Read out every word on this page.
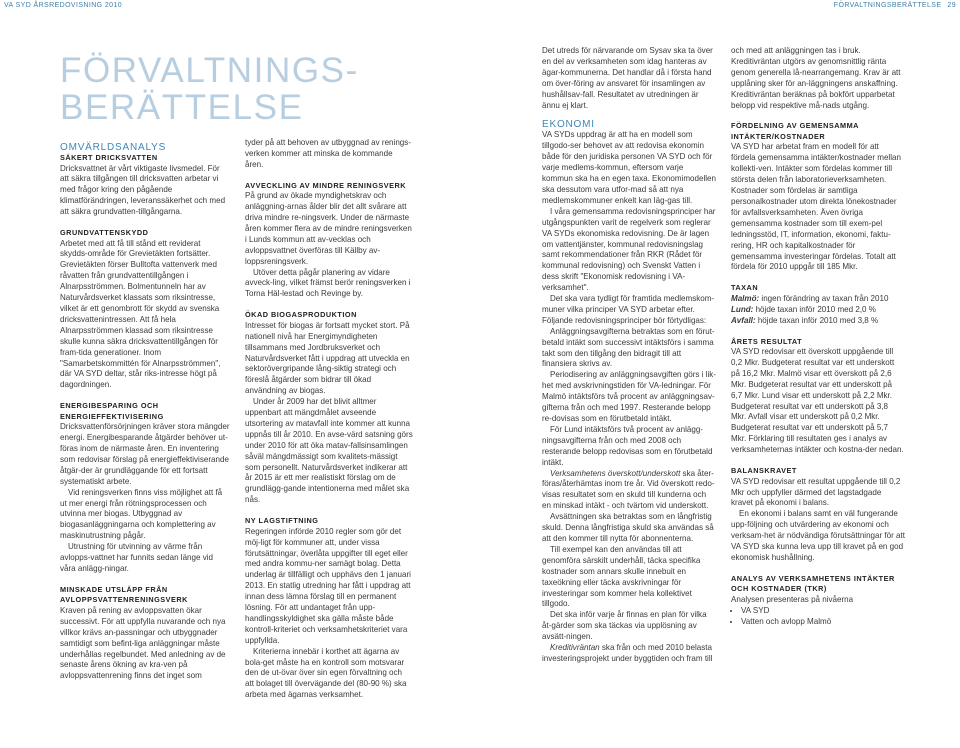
VA SYD ÅRSREDOVISNING 2010	FÖRVALTNINGSBERÄTTELSE 29
FÖRVALTNINGS-
BERÄTTELSE

OMVÄRLDSANALYS

SÄKERT DRICKSVATTEN

Dricksvattnet är vårt viktigaste livsmedel. För att säkra tillgången till dricksvatten arbetar vi med frågor kring den pågående klimatförändringen, leveranssäkerhet och med att säkra grundvatten-tillgångarna.

GRUNDVATTENSKYDD

Arbetet med att få till stånd ett reviderat skydds-område för Grevietäkten fortsätter. Grevietäkten förser Bulltofta vattenverk med råvatten från grundvattentillgången i Alnarpsströmmen. Bolmentunneln har av Naturvårdsverket klassats som riksintresse, vilket är ett genombrott för skydd av svenska dricksvattenintressen. Att få hela Alnarpsströmmen klassad som riksintresse skulle kunna säkra dricksvattentillgången för fram-tida generationer. Inom "Samarbetskommittén för Alnarpsströmmen", där VA SYD deltar, står riks-intresse högt på dagordningen.

ENERGIBESPARING OCH ENERGIEFFEKTIVISERING

Dricksvattenförsörjningen kräver stora mängder energi. Energibesparande åtgärder behöver ut-föras inom de närmaste åren. En inventering som redovisar förslag på energieffektiviserande åtgär-der är grundläggande för ett fortsatt systematiskt arbete.

Vid reningsverken finns viss möjlighet att få ut mer energi från rötningsprocessen och utvinna mer biogas. Utbyggnad av biogasanläggningarna och komplettering av maskinutrustning pågår.

Utrustning för utvinning av värme från avlopps-vattnet har funnits sedan länge vid våra anlägg-ningar.

MINSKADE UTSLÄPP FRÅN AVLOPPSVATTENRENINGSVERK

Kraven på rening av avloppsvatten ökar successivt. För att uppfylla nuvarande och nya villkor krävs an-passningar och utbyggnader samtidigt som befint-liga anläggningar måste underhållas regelbundet. Med anledning av de senaste årens ökning av kra-ven på avloppsvattenrening finns det inget som

tyder på att behoven av utbyggnad av renings-verken kommer att minska de kommande åren.

AVVECKLING AV MINDRE RENINGSVERK

På grund av ökade myndighetskrav och anläggning-arnas ålder blir det allt svårare att driva mindre re-ningsverk. Under de närmaste åren kommer flera av de mindre reningsverken i Lunds kommun att av-vecklas och avloppsvattnet överföras till Källby av-loppsreningsverk.

Utöver detta pågår planering av vidare avveck-ling, vilket främst berör reningsverken i Torna Häl-lestad och Revinge by.

ÖKAD BIOGASPRODUKTION

Intresset för biogas är fortsatt mycket stort. På nationell nivå har Energimyndigheten tillsammans med Jordbruksverket och Naturvårdsverket fått i uppdrag att utveckla en sektorövergripande lång-siktig strategi och föreslå åtgärder som bidrar till ökad användning av biogas.

Under år 2009 har det blivit alltmer uppenbart att mängdmålet avseende utsortering av matavfall inte kommer att kunna uppnås till år 2010. En avse-värd satsning görs under 2010 för att öka matav-fallsinsamlingen såväl mängdmässigt som kvalitets-mässigt som personellt. Naturvårdsverket indikerar att år 2015 är ett mer realistiskt förslag om de grundlägg-gande intentionerna med målet ska nås.

NY LAGSTIFTNING

Regeringen införde 2010 regler som gör det möj-ligt för kommuner att, under vissa förutsättningar, överlåta uppgifter till eget eller med andra kommu-ner samägt bolag. Detta underlag är tillfälligt och upphävs den 1 januari 2013. En statlig utredning har fått i uppdrag att innan dess lämna förslag till en permanent lösning. För att undantaget från upp-handlingsskyldighet ska gälla måste både kontroll-kriteriet och verksamhetskriteriet vara uppfyllda.

Kriterierna innebär i korthet att ägarna av bola-get måste ha en kontroll som motsvarar den de ut-övar över sin egen förvaltning och att bolaget till övervägande del (80-90 %) ska arbeta med ägarnas verksamhet.

Det utreds för närvarande om Sysav ska ta över en del av verksamheten som idag hanteras av ägar-kommunerna. Det handlar då i första hand om över-föring av ansvaret för insamlingen av hushållsav-fall. Resultatet av utredningen är ännu ej klart.

EKONOMI

VA SYDs uppdrag är att ha en modell som tillgodo-ser behovet av att redovisa ekonomin både för den juridiska personen VA SYD och för varje medlems-kommun, eftersom varje kommun ska ha en egen taxa. Ekonomimodellen ska dessutom vara utfor-mad så att nya medlemskommuner enkelt kan läg-gas till.

I våra gemensamma redovisningsprinciper har utgångspunkten varit de regelverk som reglerar VA SYDs ekonomiska redovisning. De är lagen om vattentjänster, kommunal redovisningslag samt rekommendationer från RKR (Rådet för kommunal redovisning) och Svenskt Vatten i dess skrift "Ekonomisk redovisning i VA-verksamhet".

Det ska vara tydligt för framtida medlemskom-muner vilka principer VA SYD arbetar efter. Följande redovisningsprinciper bör förtydligas:

Anläggningsavgifterna betraktas som en förut-betald intäkt som successivt intäktsförs i samma takt som den tillgång den bidragit till att finansiera skrivs av.

Periodisering av anläggningsavgiften görs i lik-het med avskrivningstiden för VA-ledningar. För Malmö intäktsförs två procent av anläggningsav-gifterna från och med 1997. Resterande belopp re-dovisas som en förutbetald intäkt.

För Lund intäktsförs två procent av anlägg-ningsavgifterna från och med 2008 och resterande belopp redovisas som en förutbetald intäkt.

Verksamhetens överskott/underskott ska åter-föras/återhämtas inom tre år. Vid överskott redo-visas resultatet som en skuld till kunderna och en minskad intäkt - och tvärtom vid underskott.

Avsättningen ska betraktas som en långfristig skuld. Denna långfristiga skuld ska användas så att den kommer till nytta för abonnenterna.

Till exempel kan den användas till att genomföra särskilt underhåll, täcka specifika kostnader som annars skulle innebuit en taxeökning eller täcka avskrivningar för investeringar som kommer hela kollektivet tillgodo.

Det ska inför varje år finnas en plan för vilka åt-gärder som ska täckas via upplösning av avsätt-ningen.

Kreditivräntan ska från och med 2010 belasta investeringsprojekt under byggtiden och fram till

och med att anläggningen tas i bruk. Kreditivräntan utgörs av genomsnittlig ränta genom generella lå-nearrangemang. Krav är att upplåning sker för an-läggningens anskaffning. Kreditivräntan beräknas på bokfört upparbetat belopp vid respektive må-nads utgång.

FÖRDELNING AV GEMENSAMMA INTÄKTER/KOSTNADER

VA SYD har arbetat fram en modell för att fördela gemensamma intäkter/kostnader mellan kollekti-ven. Intäkter som fördelas kommer till största delen från laboratorieverksamheten. Kostnader som fördelas är samtliga personalkostnader utom direkta lönekostnader för avfallsverksamheten. Även övriga gemensamma kostnader som till exem-pel ledningsstöd, IT, information, ekonomi, faktu-rering, HR och kapitalkostnader för gemensamma investeringar fördelas. Totalt att fördela för 2010 uppgår till 185 Mkr.

TAXAN

Malmö: ingen förändring av taxan från 2010

Lund: höjde taxan inför 2010 med 2,0 %

Avfall: höjde taxan inför 2010 med 3,8 %

ÅRETS RESULTAT

VA SYD redovisar ett överskott uppgående till 0,2 Mkr. Budgeterat resultat var ett underskott på 16,2 Mkr. Malmö visar ett överskott på 2,6 Mkr. Budgeterat resultat var ett underskott på 6,7 Mkr. Lund visar ett underskott på 2,2 Mkr. Budgeterat resultat var ett underskott på 3,8 Mkr. Avfall visar ett underskott på 0,2 Mkr. Budgeterat resultat var ett underskott på 5,7 Mkr. Förklaring till resultaten ges i analys av verksamheternas intäkter och kostna-der nedan.

BALANSKRAVET

VA SYD redovisar ett resultat uppgående till 0,2 Mkr och uppfyller därmed det lagstadgade kravet på ekonomi i balans.

En ekonomi i balans samt en väl fungerande upp-följning och utvärdering av ekonomi och verksam-het är nödvändiga förutsättningar för att VA SYD ska kunna leva upp till kravet på en god ekonomisk hushållning.

ANALYS AV VERKSAMHETENS INTÄKTER OCH KOSTNADER (TKR)

Analysen presenteras på nivåerna

• VA SYD
• Vatten och avlopp Malmö
